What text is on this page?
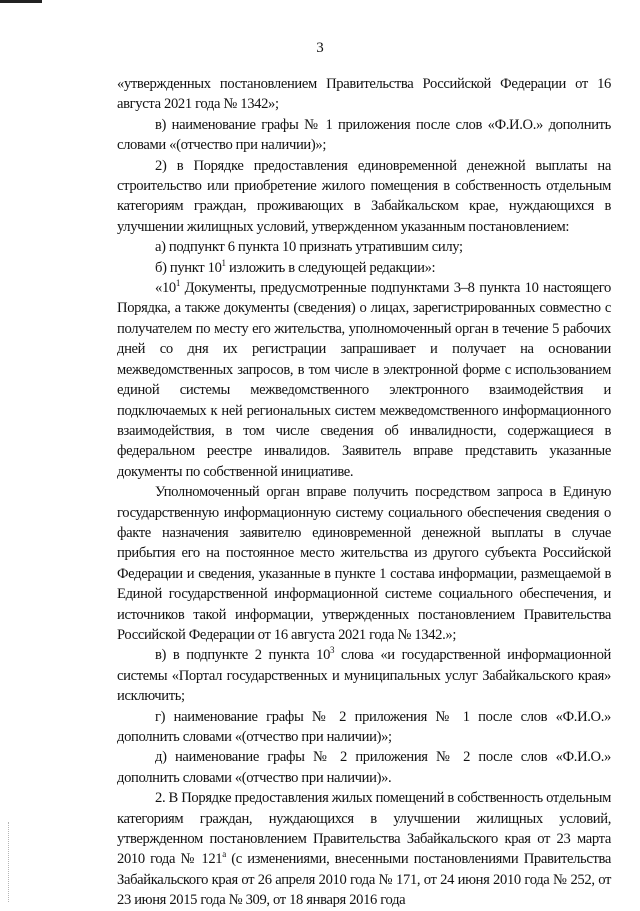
3

«утвержденных постановлением Правительства Российской Федерации от 16 августа 2021 года № 1342»;

в) наименование графы № 1 приложения после слов «Ф.И.О.» дополнить словами «(отчество при наличии)»;

2) в Порядке предоставления единовременной денежной выплаты на строительство или приобретение жилого помещения в собственность отдельным категориям граждан, проживающих в Забайкальском крае, нуждающихся в улучшении жилищных условий, утвержденном указанным постановлением:

а) подпункт 6 пункта 10 признать утратившим силу;

б) пункт $10^1$ изложить в следующей редакции»:

«$10^1$ Документы, предусмотренные подпунктами 3–8 пункта 10 настоящего Порядка, а также документы (сведения) о лицах, зарегистрированных совместно с получателем по месту его жительства, уполномоченный орган в течение 5 рабочих дней со дня их регистрации запрашивает и получает на основании межведомственных запросов, в том числе в электронной форме с использованием единой системы межведомственного электронного взаимодействия и подключаемых к ней региональных систем межведомственного информационного взаимодействия, в том числе сведения об инвалидности, содержащиеся в федеральном реестре инвалидов. Заявитель вправе представить указанные документы по собственной инициативе.

Уполномоченный орган вправе получить посредством запроса в Единую государственную информационную систему социального обеспечения сведения о факте назначения заявителю единовременной денежной выплаты в случае прибытия его на постоянное место жительства из другого субъекта Российской Федерации и сведения, указанные в пункте 1 состава информации, размещаемой в Единой государственной информационной системе социального обеспечения, и источников такой информации, утвержденных постановлением Правительства Российской Федерации от 16 августа 2021 года № 1342.»;

в) в подпункте 2 пункта $10^3$ слова «и государственной информационной системы «Портал государственных и муниципальных услуг Забайкальского края» исключить;

г) наименование графы № 2 приложения № 1 после слов «Ф.И.О.» дополнить словами «(отчество при наличии)»;

д) наименование графы № 2 приложения № 2 после слов «Ф.И.О.» дополнить словами «(отчество при наличии)».

2. В Порядке предоставления жилых помещений в собственность отдельным категориям граждан, нуждающихся в улучшении жилищных условий, утвержденном постановлением Правительства Забайкальского края от 23 марта 2010 года № $121^а$ (с изменениями, внесенными постановлениями Правительства Забайкальского края от 26 апреля 2010 года № 171, от 24 июня 2010 года № 252, от 23 июня 2015 года № 309, от 18 января 2016 года
